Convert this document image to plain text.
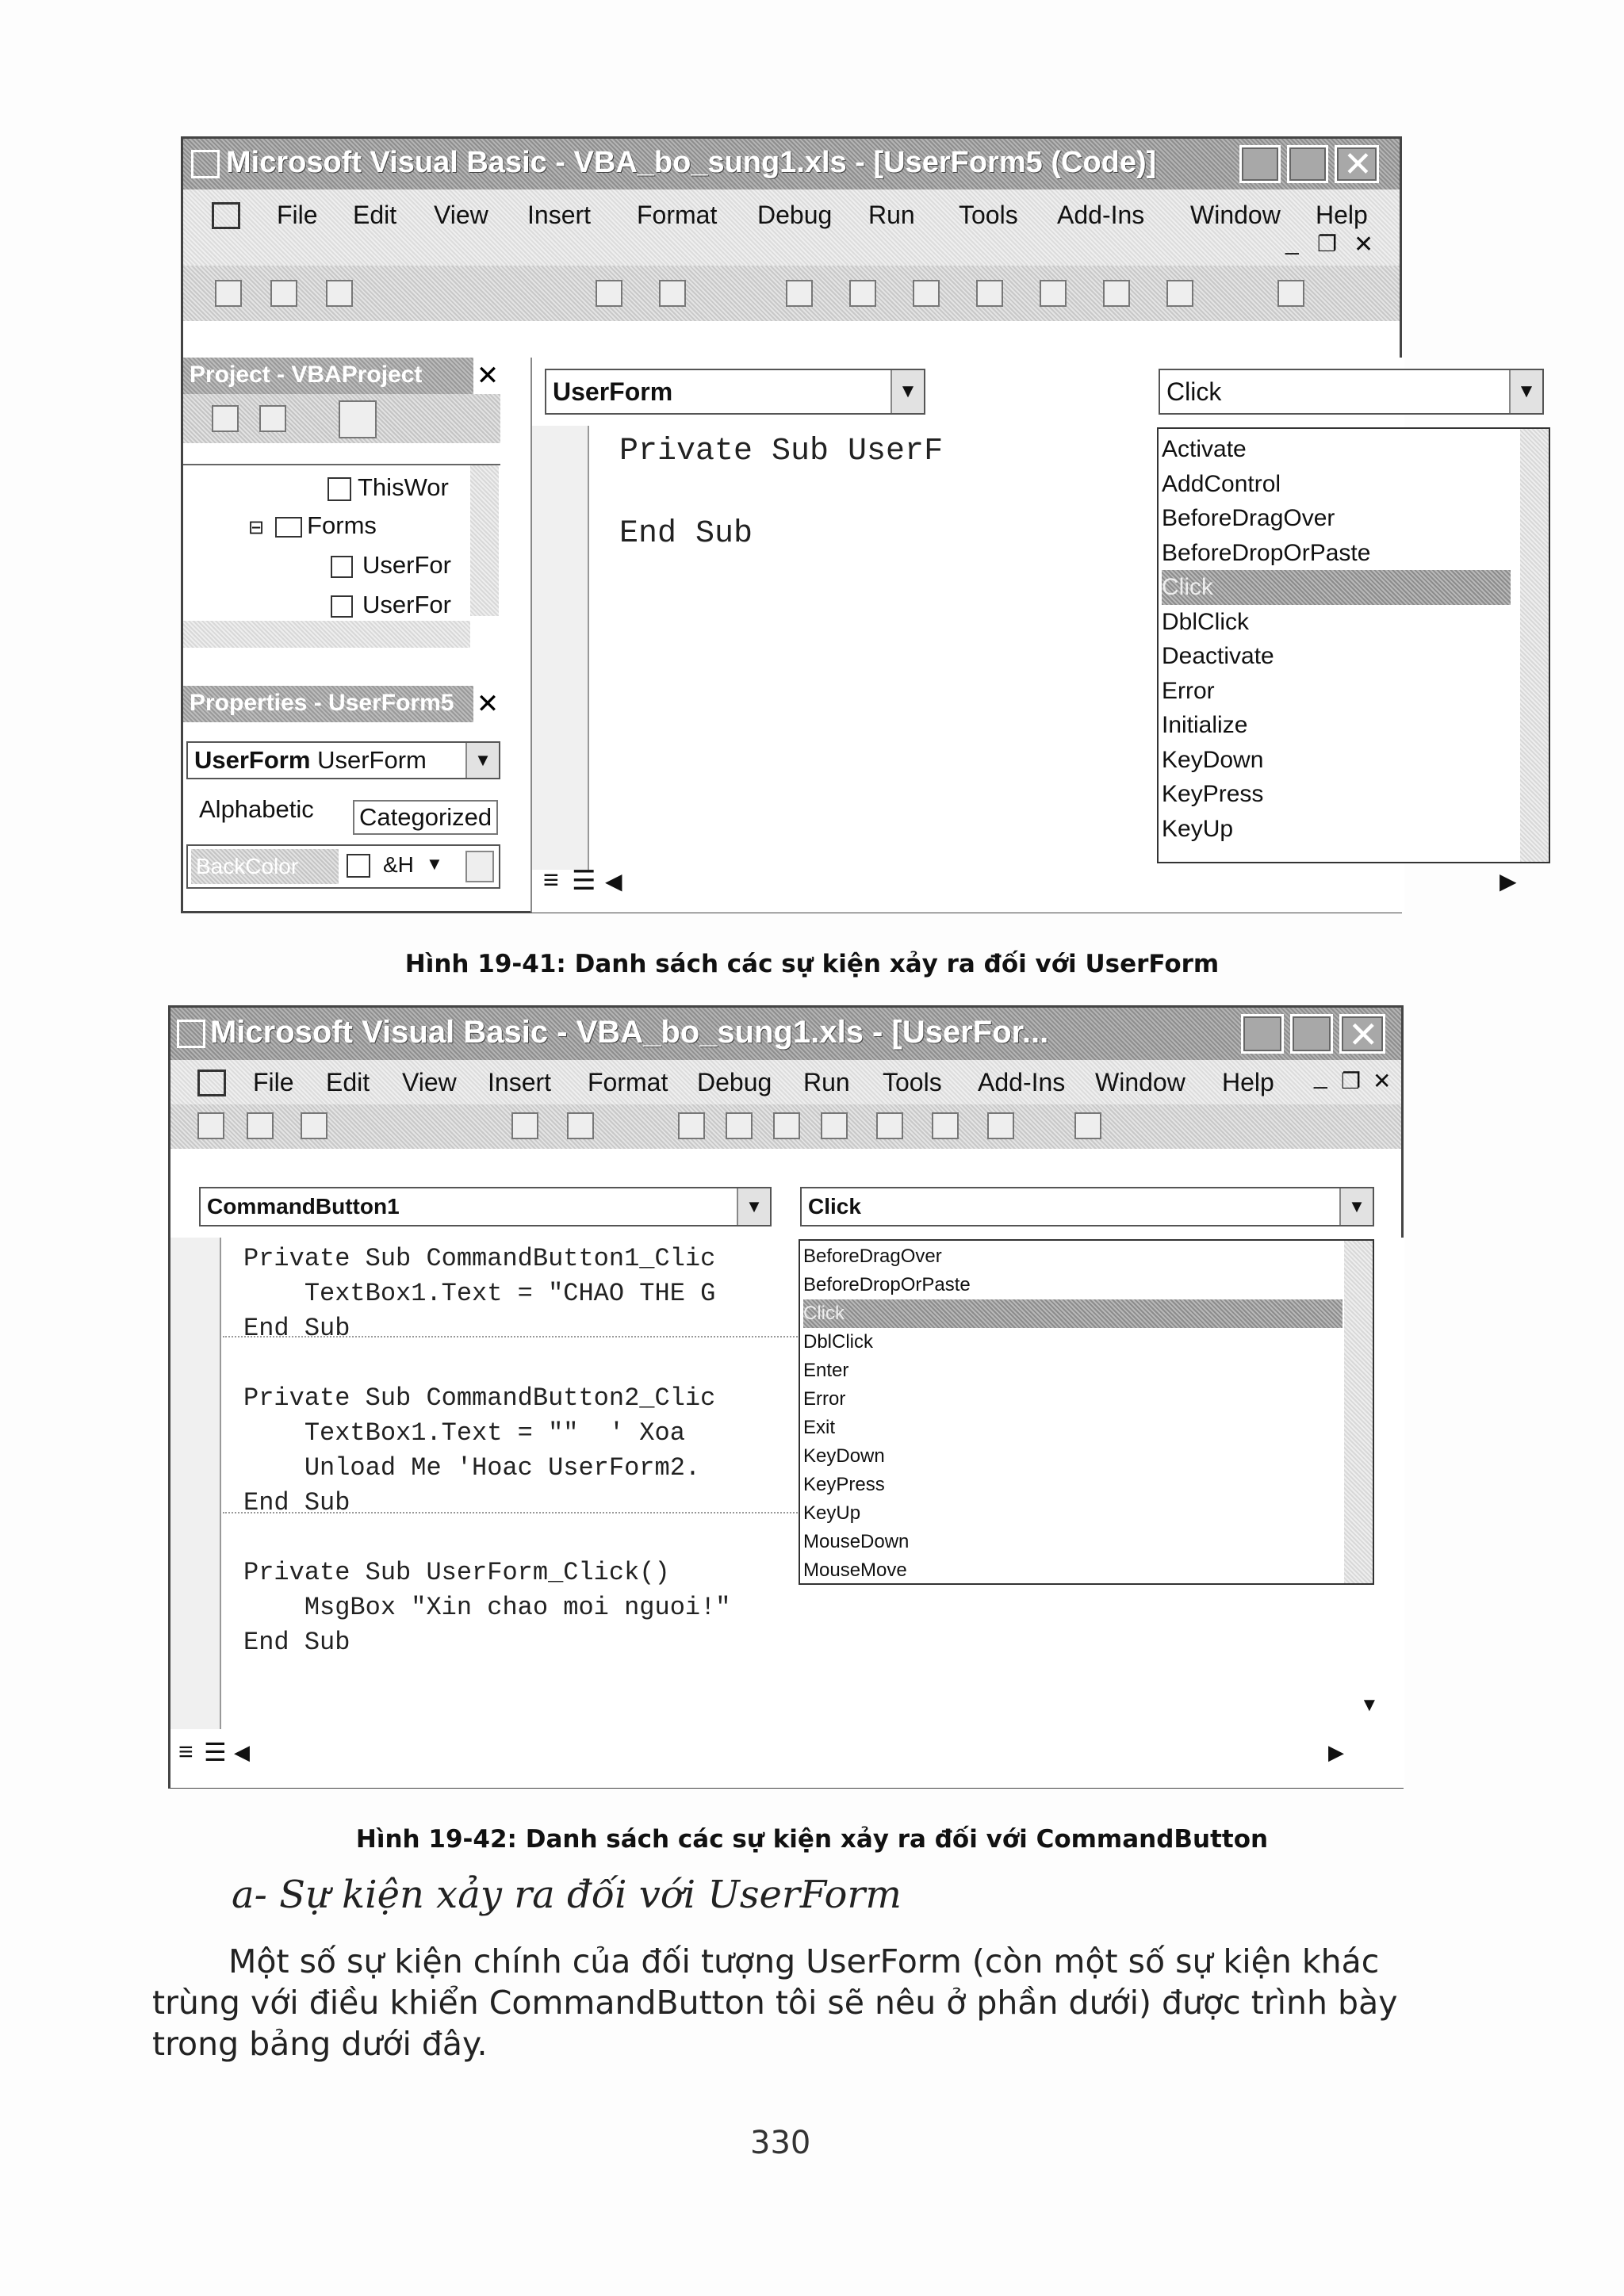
Microsoft Visual Basic - VBA_bo_sung1.xls - [UserForm5 (Code)]	✕
File Edit View Insert Format Debug Run Tools Add-Ins Window Help
_ ❐ ✕
Project - VBAProject	✕
ThisWor
⊟ Forms
UserFor
UserFor
Properties - UserForm5 ✕
UserForm UserForm	▼
Alphabetic Categorized
BackColor	&H ▼
UserForm	▼	Click	▼
Private Sub UserF
End Sub
≡ ☰ ◀	▶
Activate
AddControl
BeforeDragOver
BeforeDropOrPaste
Click
DblClick
Deactivate
Error
Initialize
KeyDown
KeyPress
KeyUp
Hình 19-41: Danh sách các sự kiện xảy ra đối với UserForm
Microsoft Visual Basic - VBA_bo_sung1.xls - [UserFor...	✕
File Edit View Insert Format Debug Run Tools Add-Ins Window Help _ ❐ ✕
CommandButton1	▼	Click	▼
Private Sub CommandButton1_Clic
TextBox1.Text = "CHAO THE G
End Sub
Private Sub CommandButton2_Clic
TextBox1.Text = ""  ' Xoa
Unload Me 'Hoac UserForm2.
End Sub
Private Sub UserForm_Click()
MsgBox "Xin chao moi nguoi!"
End Sub
≡ ☰ ◀	▶
▼
BeforeDragOver
BeforeDropOrPaste
Click
DblClick
Enter
Error
Exit
KeyDown
KeyPress
KeyUp
MouseDown
MouseMove
Hình 19-42: Danh sách các sự kiện xảy ra đối với CommandButton
a- Sự kiện xảy ra đối với UserForm
Một số sự kiện chính của đối tượng UserForm (còn một số sự kiện khác
trùng với điều khiển CommandButton tôi sẽ nêu ở phần dưới) được trình bày
trong bảng dưới đây.
330
